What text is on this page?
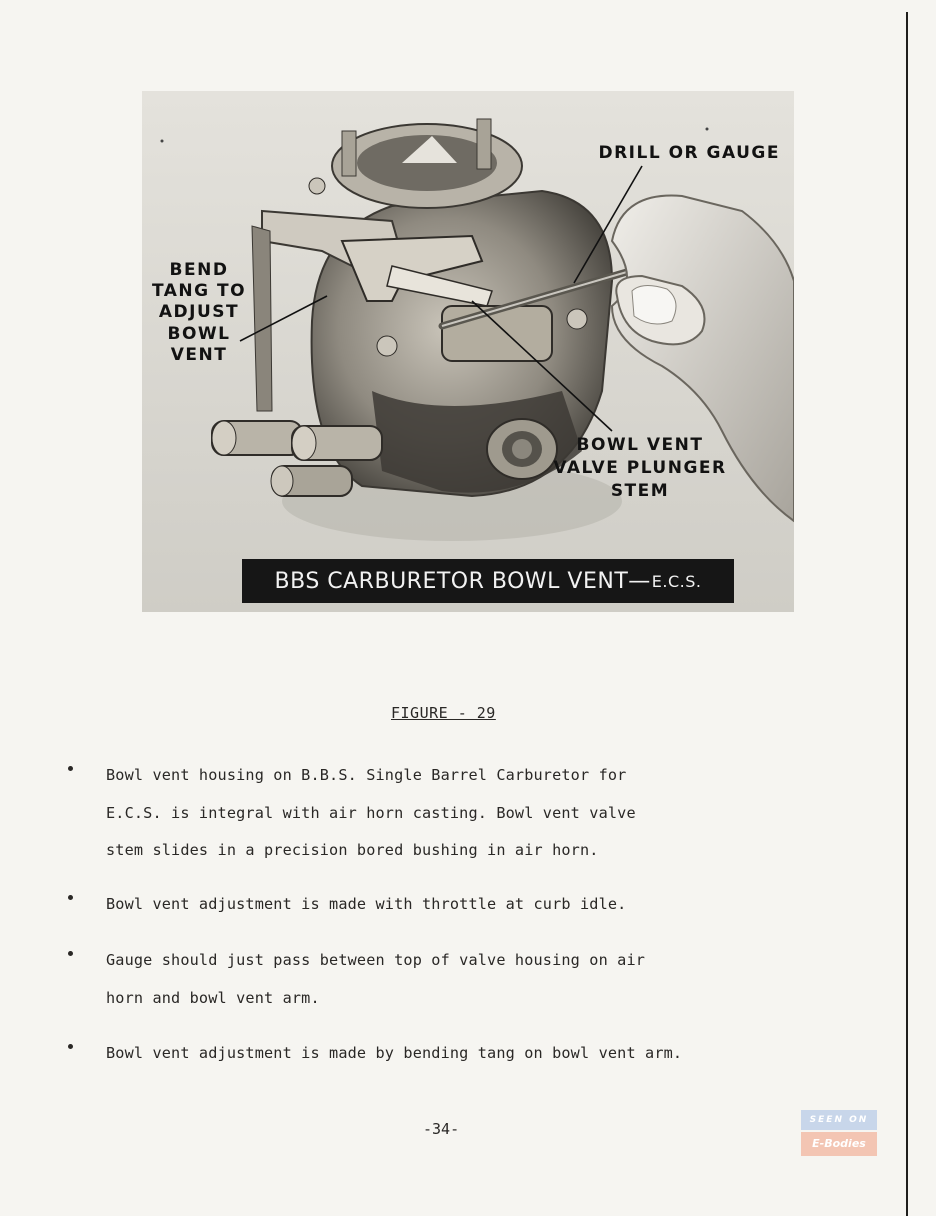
DRILL OR GAUGE
BEND
TANG TO
ADJUST
BOWL
VENT
BOWL VENT
VALVE PLUNGER
STEM
BBS CARBURETOR BOWL VENT— E.C.S.
FIGURE - 29
Bowl vent housing on B.B.S. Single Barrel Carburetor for
E.C.S. is integral with air horn casting. Bowl vent valve
stem slides in a precision bored bushing in air horn.
Bowl vent adjustment is made with throttle at curb idle.
Gauge should just pass between top of valve housing on air
horn and bowl vent arm.
Bowl vent adjustment is made by bending tang on bowl vent arm.
-34-	SEEN ON
E-Bodies
